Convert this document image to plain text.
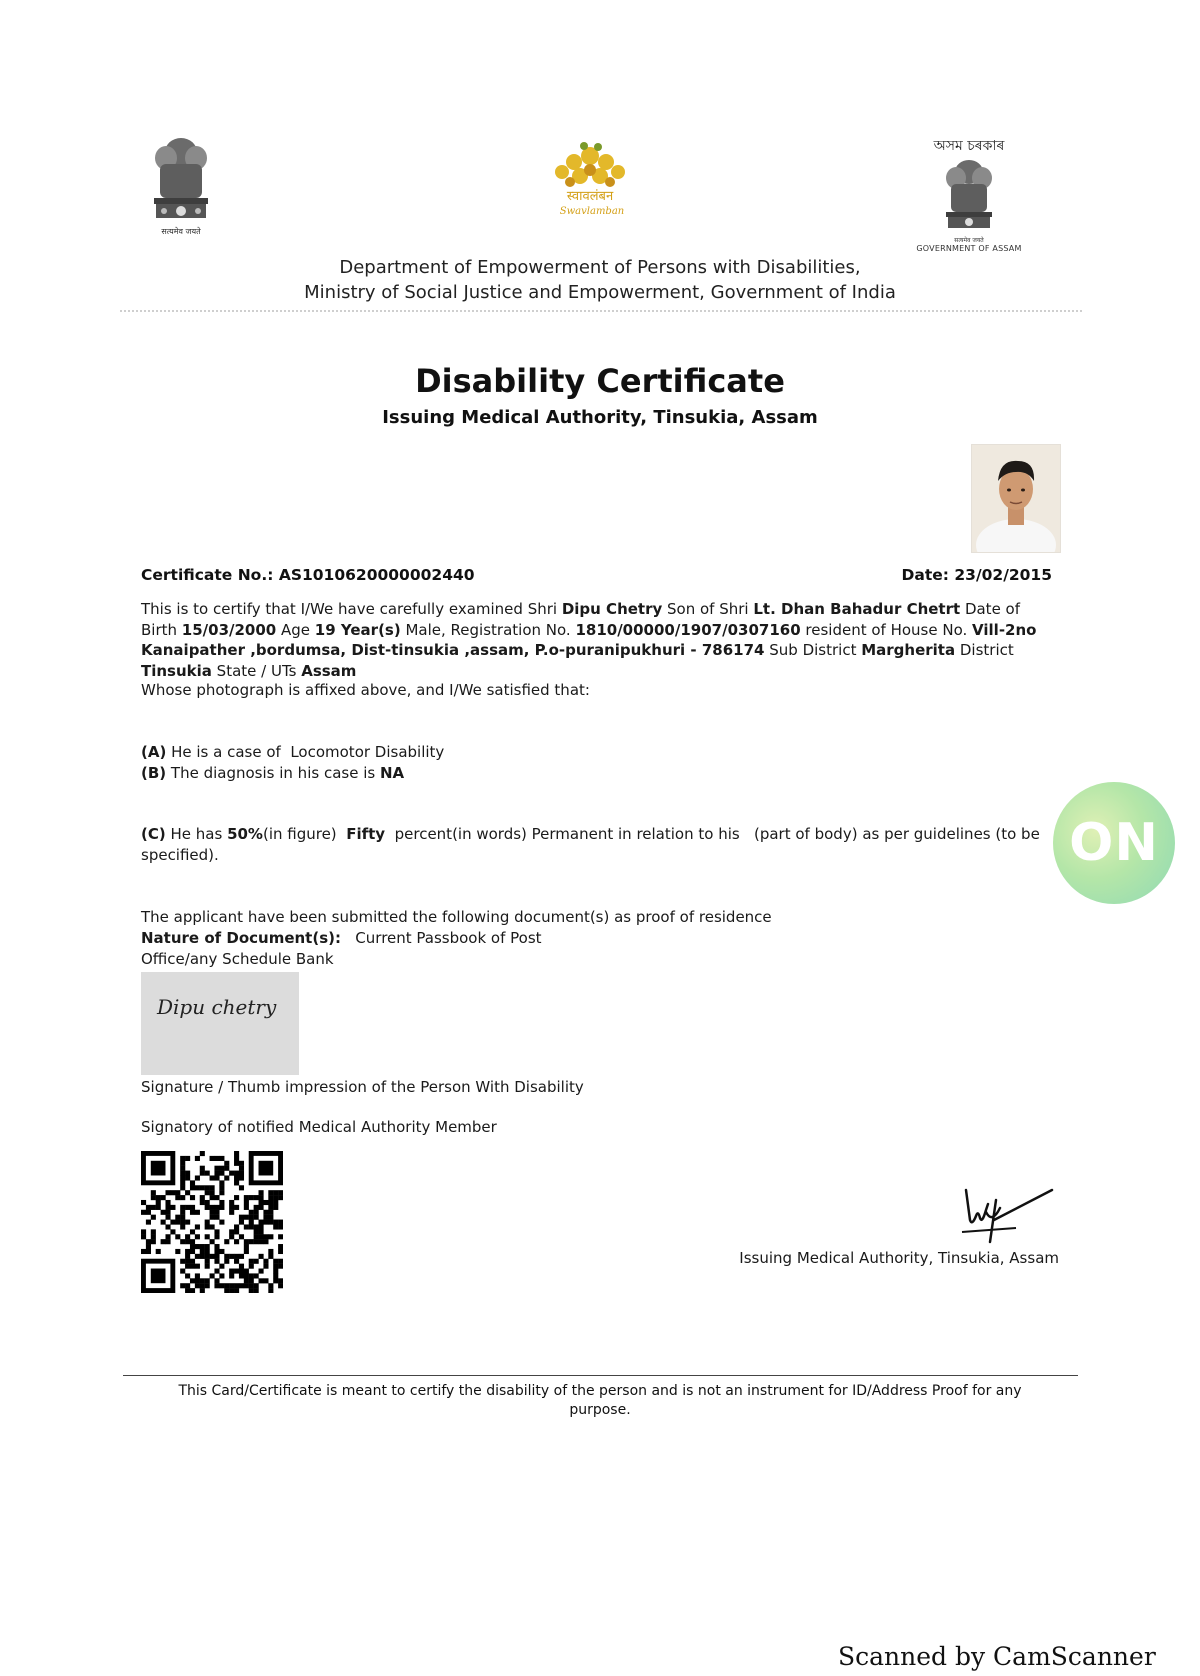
सत्यमेव जयते
स्वावलंबन
Swavlamban
অসম চৰকাৰ
सत्यमेव जयते
GOVERNMENT OF ASSAM
Department of Empowerment of Persons with Disabilities,
Ministry of Social Justice and Empowerment, Government of India
Disability Certificate
Issuing Medical Authority, Tinsukia, Assam
Certificate No.: AS1010620000002440	Date: 23/02/2015
This is to certify that I/We have carefully examined Shri Dipu Chetry Son of Shri Lt. Dhan Bahadur Chetrt Date of Birth 15/03/2000 Age 19 Year(s) Male, Registration No. 1810/00000/1907/0307160 resident of House No. Vill-2no Kanaipather ,bordumsa, Dist-tinsukia ,assam, P.o-puranipukhuri - 786174 Sub District Margherita District Tinsukia State / UTs Assam
Whose photograph is affixed above, and I/We satisfied that:
(A) He is a case of  Locomotor Disability
(B) The diagnosis in his case is NA
(C) He has 50%(in figure)  Fifty  percent(in words) Permanent in relation to his   (part of body) as per guidelines (to be specified).
The applicant have been submitted the following document(s) as proof of residence
Nature of Document(s):   Current Passbook of Post
Office/any Schedule Bank
Dipu chetry
Signature / Thumb impression of the Person With Disability
Signatory of notified Medical Authority Member
Issuing Medical Authority, Tinsukia, Assam
This Card/Certificate is meant to certify the disability of the person and is not an instrument for ID/Address Proof for any purpose.
ON
Scanned by CamScanner
